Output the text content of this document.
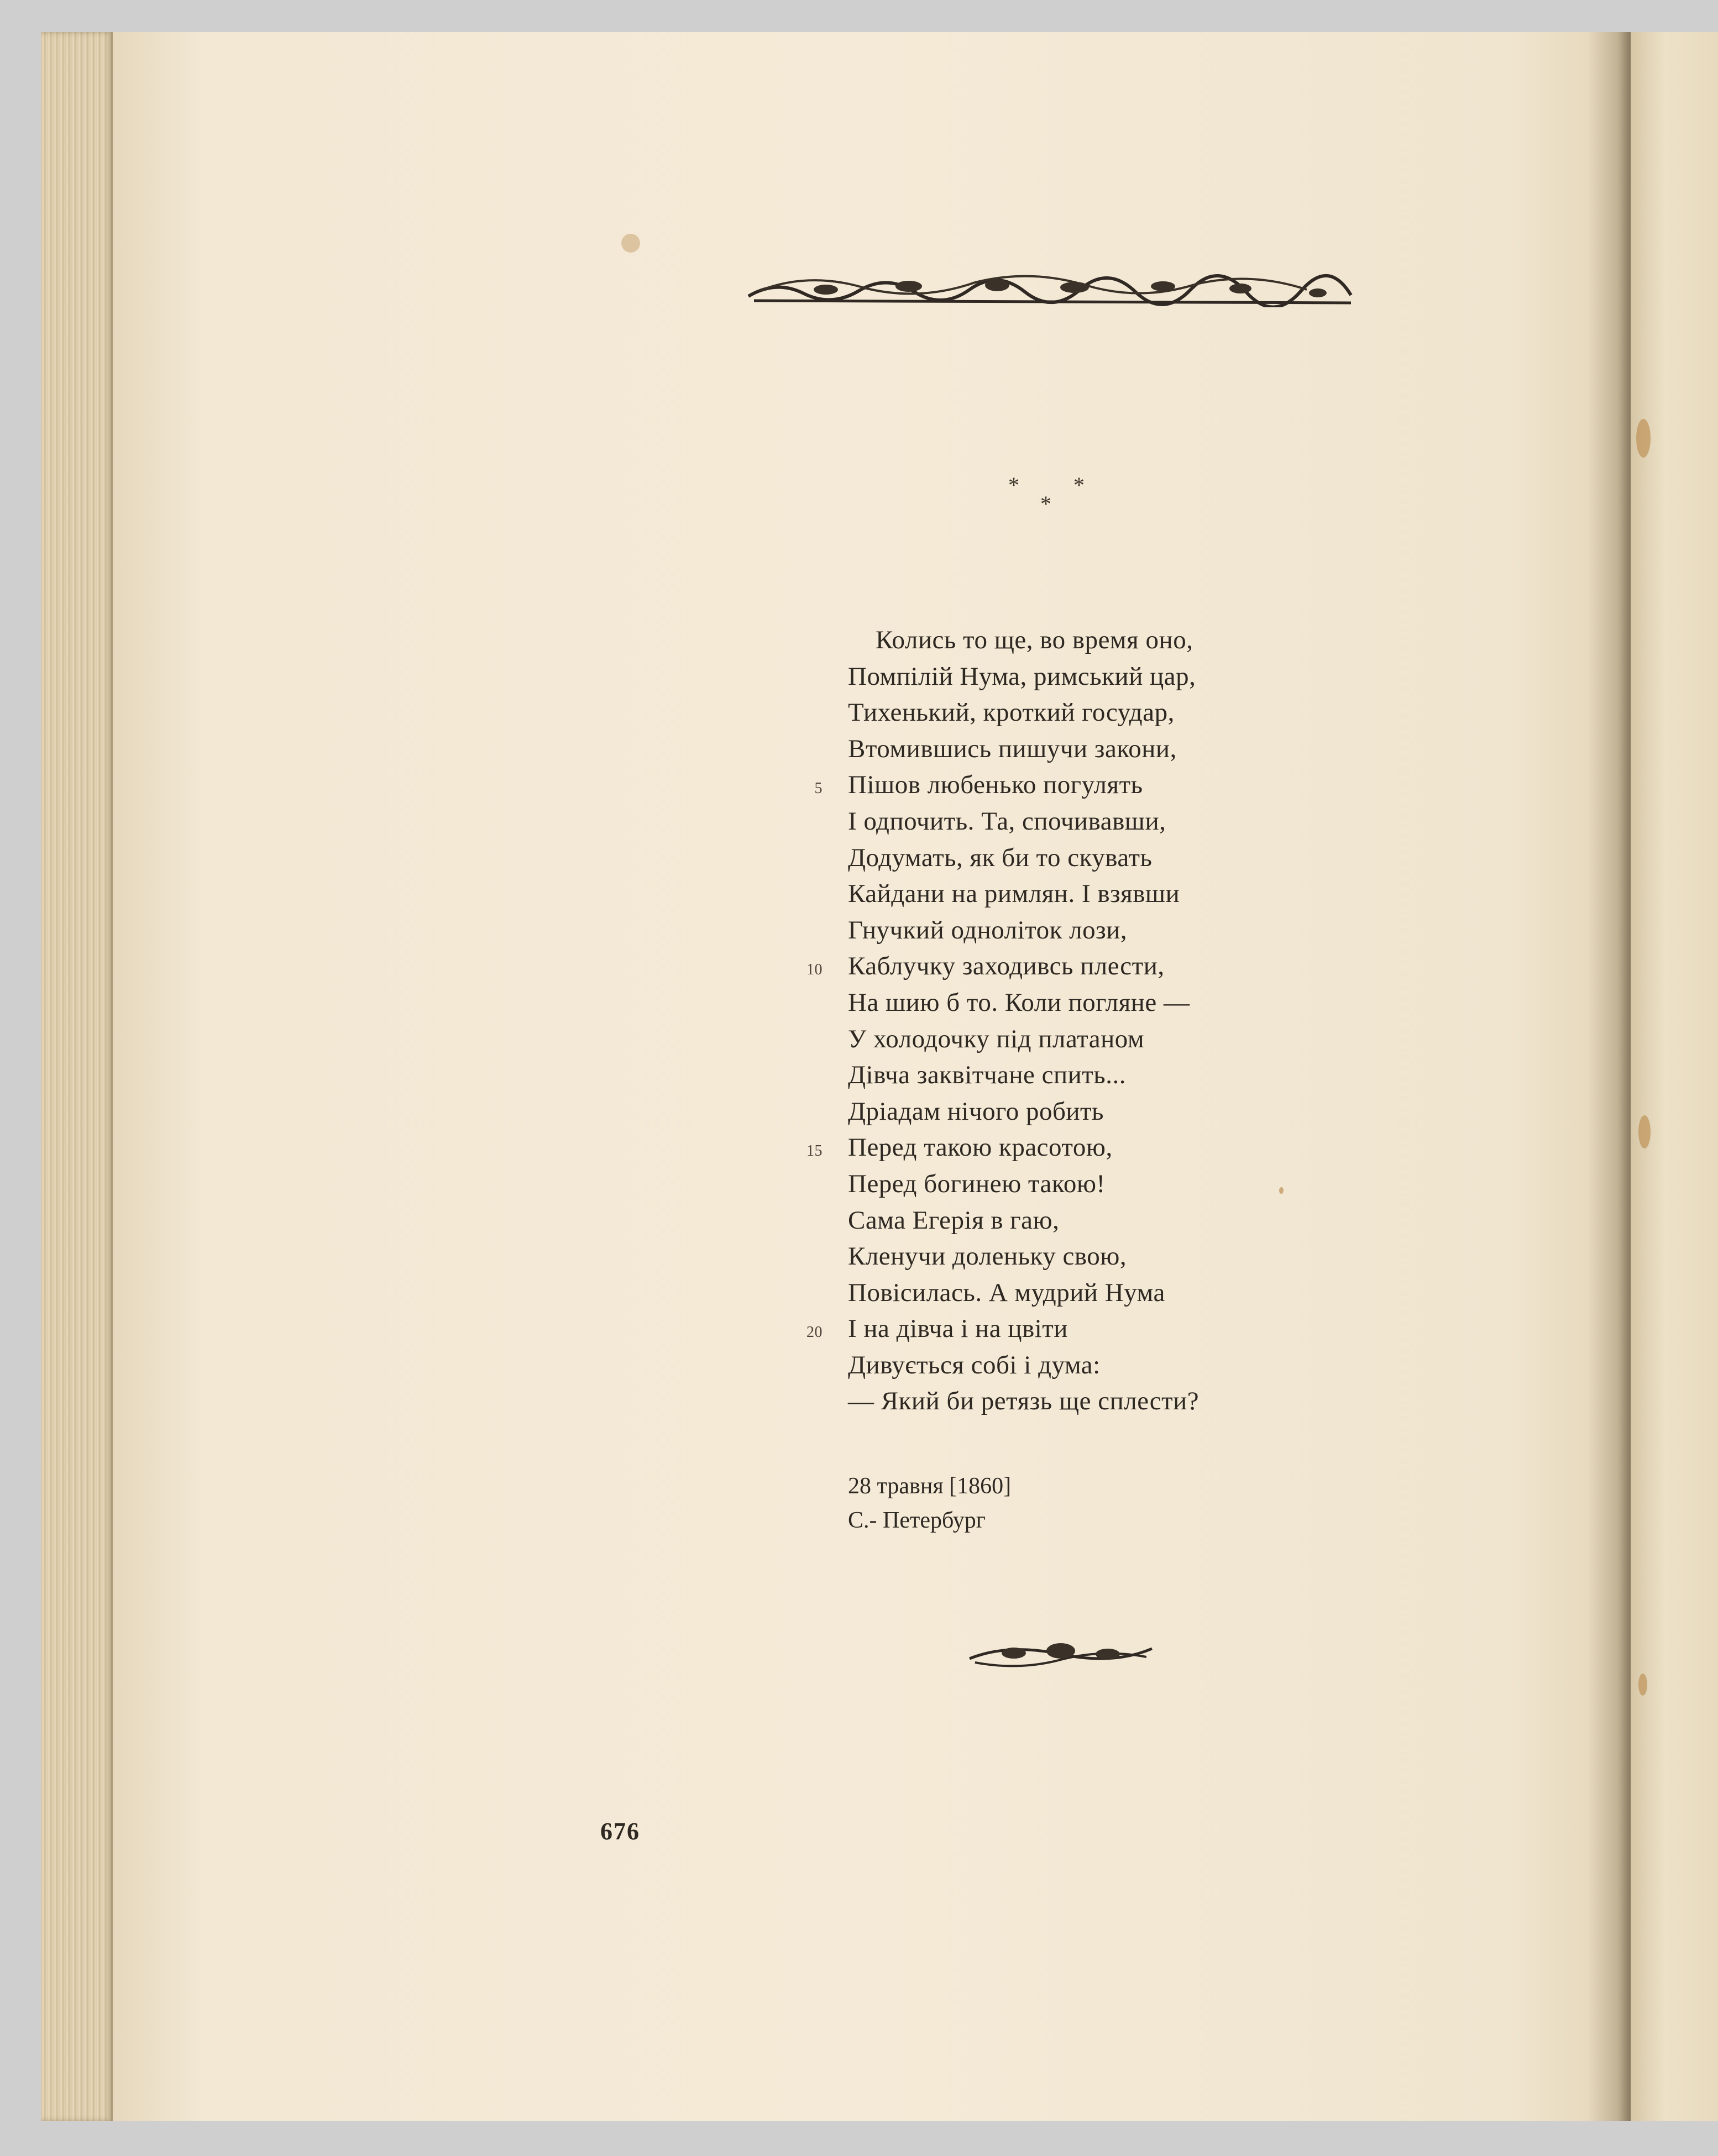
* *
*
Колись то ще, во время оно,
Помпілій Нума, римський цар,
Тихенький, кроткий государ,
Втомившись пишучи закони,
Пішов любенько погулять
5
І одпочить. Та, спочивавши,
Додумать, як би то скувать
Кайдани на римлян. І взявши
Гнучкий одноліток лози,
Каблучку заходивсь плести,
10
На шию б то. Коли погляне —
У холодочку під платаном
Дівча заквітчане спить...
Дріадам нічого робить
Перед такою красотою,
15
Перед богинею такою!
Сама Егерія в гаю,
Кленучи доленьку свою,
Повісилась. А мудрий Нума
І на дівча і на цвіти
20
Дивується собі і дума:
— Який би ретязь ще сплести?
28 травня [1860]
С.- Петербург
676
